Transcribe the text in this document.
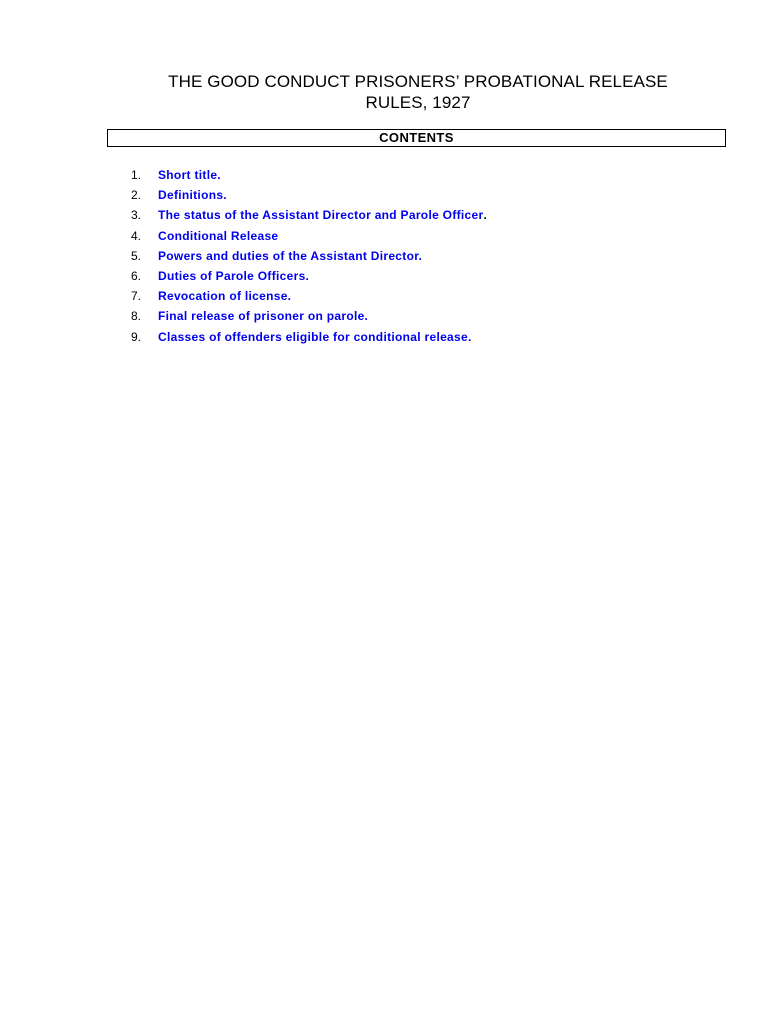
THE GOOD CONDUCT PRISONERS’ PROBATIONAL RELEASE
RULES, 1927
CONTENTS
1. Short title.
2. Definitions.
3. The status of the Assistant Director and Parole Officer.
4. Conditional Release
5. Powers and duties of the Assistant Director.
6. Duties of Parole Officers.
7. Revocation of license.
8. Final release of prisoner on parole.
9. Classes of offenders eligible for conditional release.
